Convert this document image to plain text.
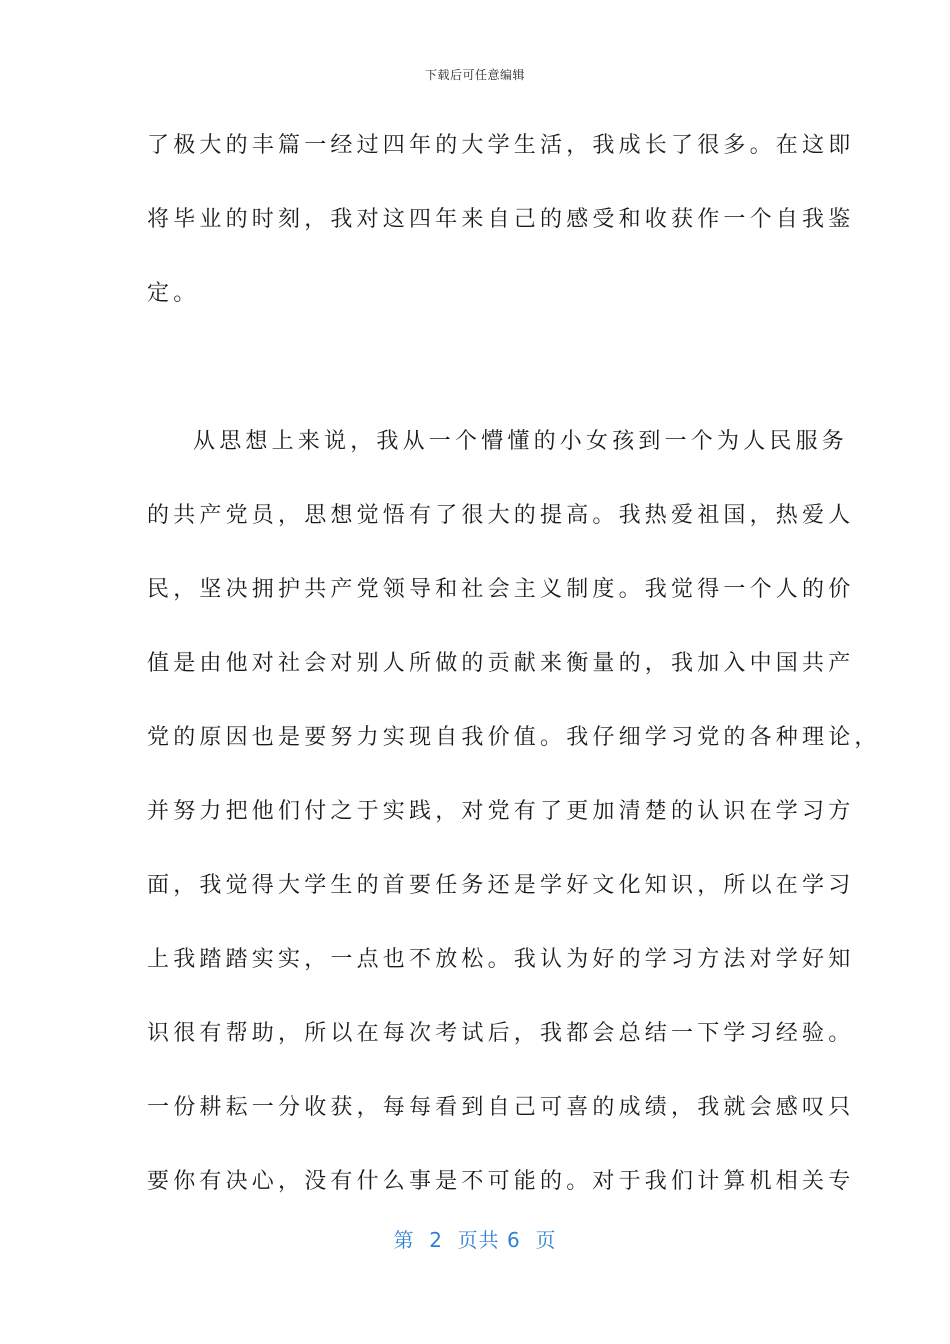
下载后可任意编辑
了极大的丰篇一经过四年的大学生活，我成长了很多。在这即
将毕业的时刻，我对这四年来自己的感受和收获作一个自我鉴
定。
从思想上来说，我从一个懵懂的小女孩到一个为人民服务
的共产党员，思想觉悟有了很大的提高。我热爱祖国，热爱人
民，坚决拥护共产党领导和社会主义制度。我觉得一个人的价
值是由他对社会对别人所做的贡献来衡量的，我加入中国共产
党的原因也是要努力实现自我价值。我仔细学习党的各种理论，
并努力把他们付之于实践，对党有了更加清楚的认识在学习方
面，我觉得大学生的首要任务还是学好文化知识，所以在学习
上我踏踏实实，一点也不放松。我认为好的学习方法对学好知
识很有帮助，所以在每次考试后，我都会总结一下学习经验。
一份耕耘一分收获，每每看到自己可喜的成绩，我就会感叹只
要你有决心，没有什么事是不可能的。对于我们计算机相关专
第  2  页共 6  页
